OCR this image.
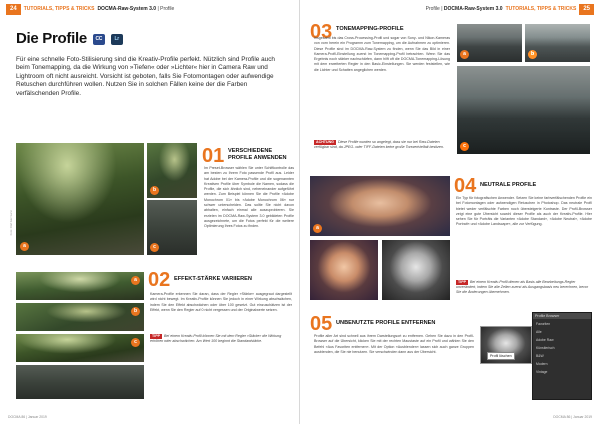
24 TUTORIALS, TIPPS & TRICKS DOCMA-Raw-System 3.0 | Profile
Die Profile CC Lr
Für eine schnelle Foto-Stilisierung sind die Kreativ-Profile perfekt. Nützlich sind Profile auch beim Tonemapping, da die Wirkung von »Tiefen« oder »Lichter« hier in Camera Raw und Lightroom oft nicht ausreicht. Vorsicht ist geboten, falls Sie Fotomontagen oder aufwendige Retuschen durchführen wollen. Nutzen Sie in solchen Fällen keine der die Farben verfälschenden Profile.
a
b
c
Foto: Olaf Giermann
01 VERSCHIEDENE PROFILE ANWENDEN
Im Preset-Browser wählen Sie unter Schiftkontrolle das am besten zu Ihrem Foto passende Profil aus. Leider hat Adobe bei der Kamera-Profile und die sogenannten Kreativen Profile über Symbole die Namen, sodass die Profile, die sich ähnlich sind, nebeneinander aufgeführt werden. Zum Beispiel können Sie die Profile »Adobe Monochrom 01« bis »Adobe Monochrom 06« nur schwer unterscheiden. Das sollte Sie nicht davon abhalten, einfach einmal alle auszuprobieren. Sie erzielen im DOCMA-Raw-System 3.0 gebildeten Profile ausgezeichnete, um die Fotos perfekt für die weitere Optimierung Ihres Fotos zu finden.
a
b
c
02 EFFEKT-STÄRKE VARIIEREN
Kamera-Profile erkennen Sie daran, dass der Regler »Stärke« ausgegraut dargestellt wird nicht bewegt. Im Kreativ-Profile können Sie jedoch in einer Wirkung abschwächen, indem Sie den Effekt abschwächen oder über 100 gesetzt. Gut einzuschätzen ist der Effekt, wenn Sie den Regler auf 0 nicht vergessen und der Originalwerte setzen.
TIPP Bei einem Kreativ-Profil können Sie mit dem Regler »Stärke« die Wirkung erhöhen oder abschwächen. Am Wert 100 beginnt die Standardstärke.
DOCMA 86 | Januar 2019
Profile | DOCMA-Raw-System 3.0 TUTORIALS, TIPPS & TRICKS 25
03 TONEMAPPING-PROFILE
Insgesamt bis das Cross-Processing-Profil und sogar von Sony- und Nikon-Kameras von vorn herein ein Programm zum Tonemapping, um die Aufnahmen zu optimieren. Diese Profile sind im DOCMA-Raw-System zu finden, wenn Sie das Bild in einer Kamera-Profil-Einstellung zuerst im Tonemapping-Profil betrachten. Wenn Sie das Ergebnis noch stärker nachschärfen, dann hilft oft die DOCMA-Tonemapping-Lösung mit dem erweiterten Regler in den Basic-Einstellungen. Sie werden feststellen, wie die Lichter und Schatten angeglichen werden.
ACHTUNG Diese Profile wurden so angelegt, dass sie nur bei Raw-Dateien verfügbar sind, da JPEG- oder TIFF-Dateien keine große Tonwertvielfalt besitzen.
a	b
c
a
04 NEUTRALE PROFILE
Ein Typ für fotografischen Anwender. Setzen Sie keine farbverfälschenden Profile ein bei Fotomontagen oder aufwendigen Retuschen in Photoshop. Das neutrale Profil bietet weder verfälschte Farben noch übersteigerte Kontraste. Der Profil-Browser zeigt eine gute Übersicht sowohl dieser Profile als auch der Kreativ-Profile. Hier sehen Sie für Porträts die Varianten »Adobe Standard«, »Adobe Neutral«, »Adobe Portrait« und »Adobe Landscape«, alle zur Verfügung.
TIPP Bei einem Kreativ-Profil dienen als Basis alle Bearbeitungs-Regler unverändert, indem Sie alle Zeilen zuerst als Ausgangsbasis neu berechnen, bevor Sie die Änderungen übernehmen.
05 UNBENUTZTE PROFILE ENTFERNEN
Profile aller Art sind schnell aus ihrem Darstellungsort zu entfernen. Gehen Sie dazu in den Profil-Browser auf die Übersicht, klicken Sie mit der rechten Maustaste auf ein Profil und wählen Sie den Befehl »Aus Favoriten entfernen«. Mit der Option »Ausblenden« lassen sich auch ganze Gruppen ausblenden, die Sie nie benutzen. Sie verschwinden dann aus der Übersicht.
Profile Browser
Favoriten
Alle
Adobe Raw
Künstlerisch
B&W
Modern
Vintage
Profil löschen
DOCMA 86 | Januar 2019
